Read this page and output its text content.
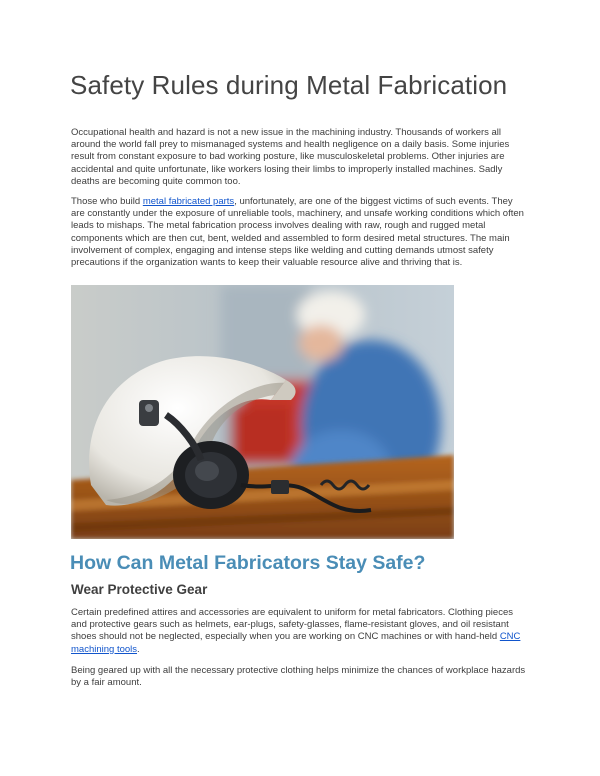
Safety Rules during Metal Fabrication

Occupational health and hazard is not a new issue in the machining industry. Thousands of workers all around the world fall prey to mismanaged systems and health negligence on a daily basis. Some injuries result from constant exposure to bad working posture, like musculoskeletal problems. Other injuries are accidental and quite unfortunate, like workers losing their limbs to improperly installed machines. Sadly deaths are becoming quite common too.

Those who build metal fabricated parts, unfortunately, are one of the biggest victims of such events. They are constantly under the exposure of unreliable tools, machinery, and unsafe working conditions which often leads to mishaps. The metal fabrication process involves dealing with raw, rough and rugged metal components which are then cut, bent, welded and assembled to form desired metal structures. The main involvement of complex, engaging and intense steps like welding and cutting demands utmost safety precautions if the organization wants to keep their valuable resource alive and thriving that is.

How Can Metal Fabricators Stay Safe?
Wear Protective Gear

Certain predefined attires and accessories are equivalent to uniform for metal fabricators. Clothing pieces and protective gears such as helmets, ear-plugs, safety-glasses, flame-resistant gloves, and oil resistant shoes should not be neglected, especially when you are working on CNC machines or with hand-held CNC machining tools.

Being geared up with all the necessary protective clothing helps minimize the chances of workplace hazards by a fair amount.
